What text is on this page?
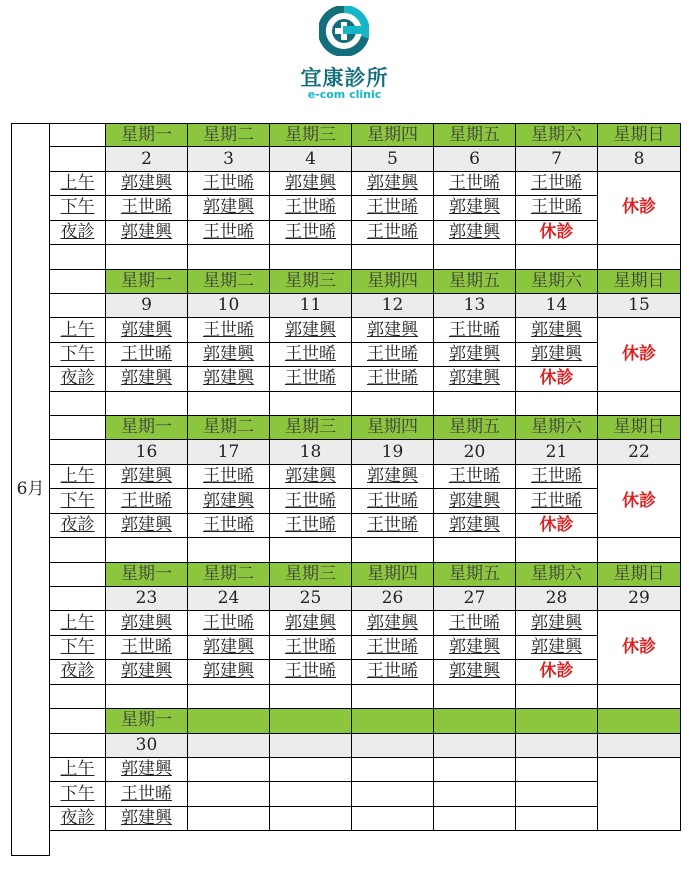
宜康診所
e-com clinic
6月
星期一	星期二	星期三	星期四	星期五	星期六	星期日
2	3	4	5	6	7	8
上午	郭建興	王世晞	郭建興	郭建興	王世晞	王世晞
下午	王世晞	郭建興	王世晞	王世晞	郭建興	王世晞
夜診	郭建興	王世晞	王世晞	王世晞	郭建興	休診
休診
星期一	星期二	星期三	星期四	星期五	星期六	星期日
9	10	11	12	13	14	15
上午	郭建興	王世晞	郭建興	郭建興	王世晞	郭建興
下午	王世晞	郭建興	王世晞	王世晞	郭建興	郭建興
夜診	郭建興	郭建興	王世晞	王世晞	郭建興	休診
休診
星期一	星期二	星期三	星期四	星期五	星期六	星期日
16	17	18	19	20	21	22
上午	郭建興	王世晞	郭建興	郭建興	王世晞	王世晞
下午	王世晞	郭建興	王世晞	王世晞	郭建興	王世晞
夜診	郭建興	王世晞	王世晞	王世晞	郭建興	休診
休診
星期一	星期二	星期三	星期四	星期五	星期六	星期日
23	24	25	26	27	28	29
上午	郭建興	王世晞	郭建興	郭建興	王世晞	郭建興
下午	王世晞	郭建興	王世晞	王世晞	郭建興	郭建興
夜診	郭建興	郭建興	王世晞	王世晞	郭建興	休診
休診
星期一
30
上午	郭建興
下午	王世晞
夜診	郭建興
